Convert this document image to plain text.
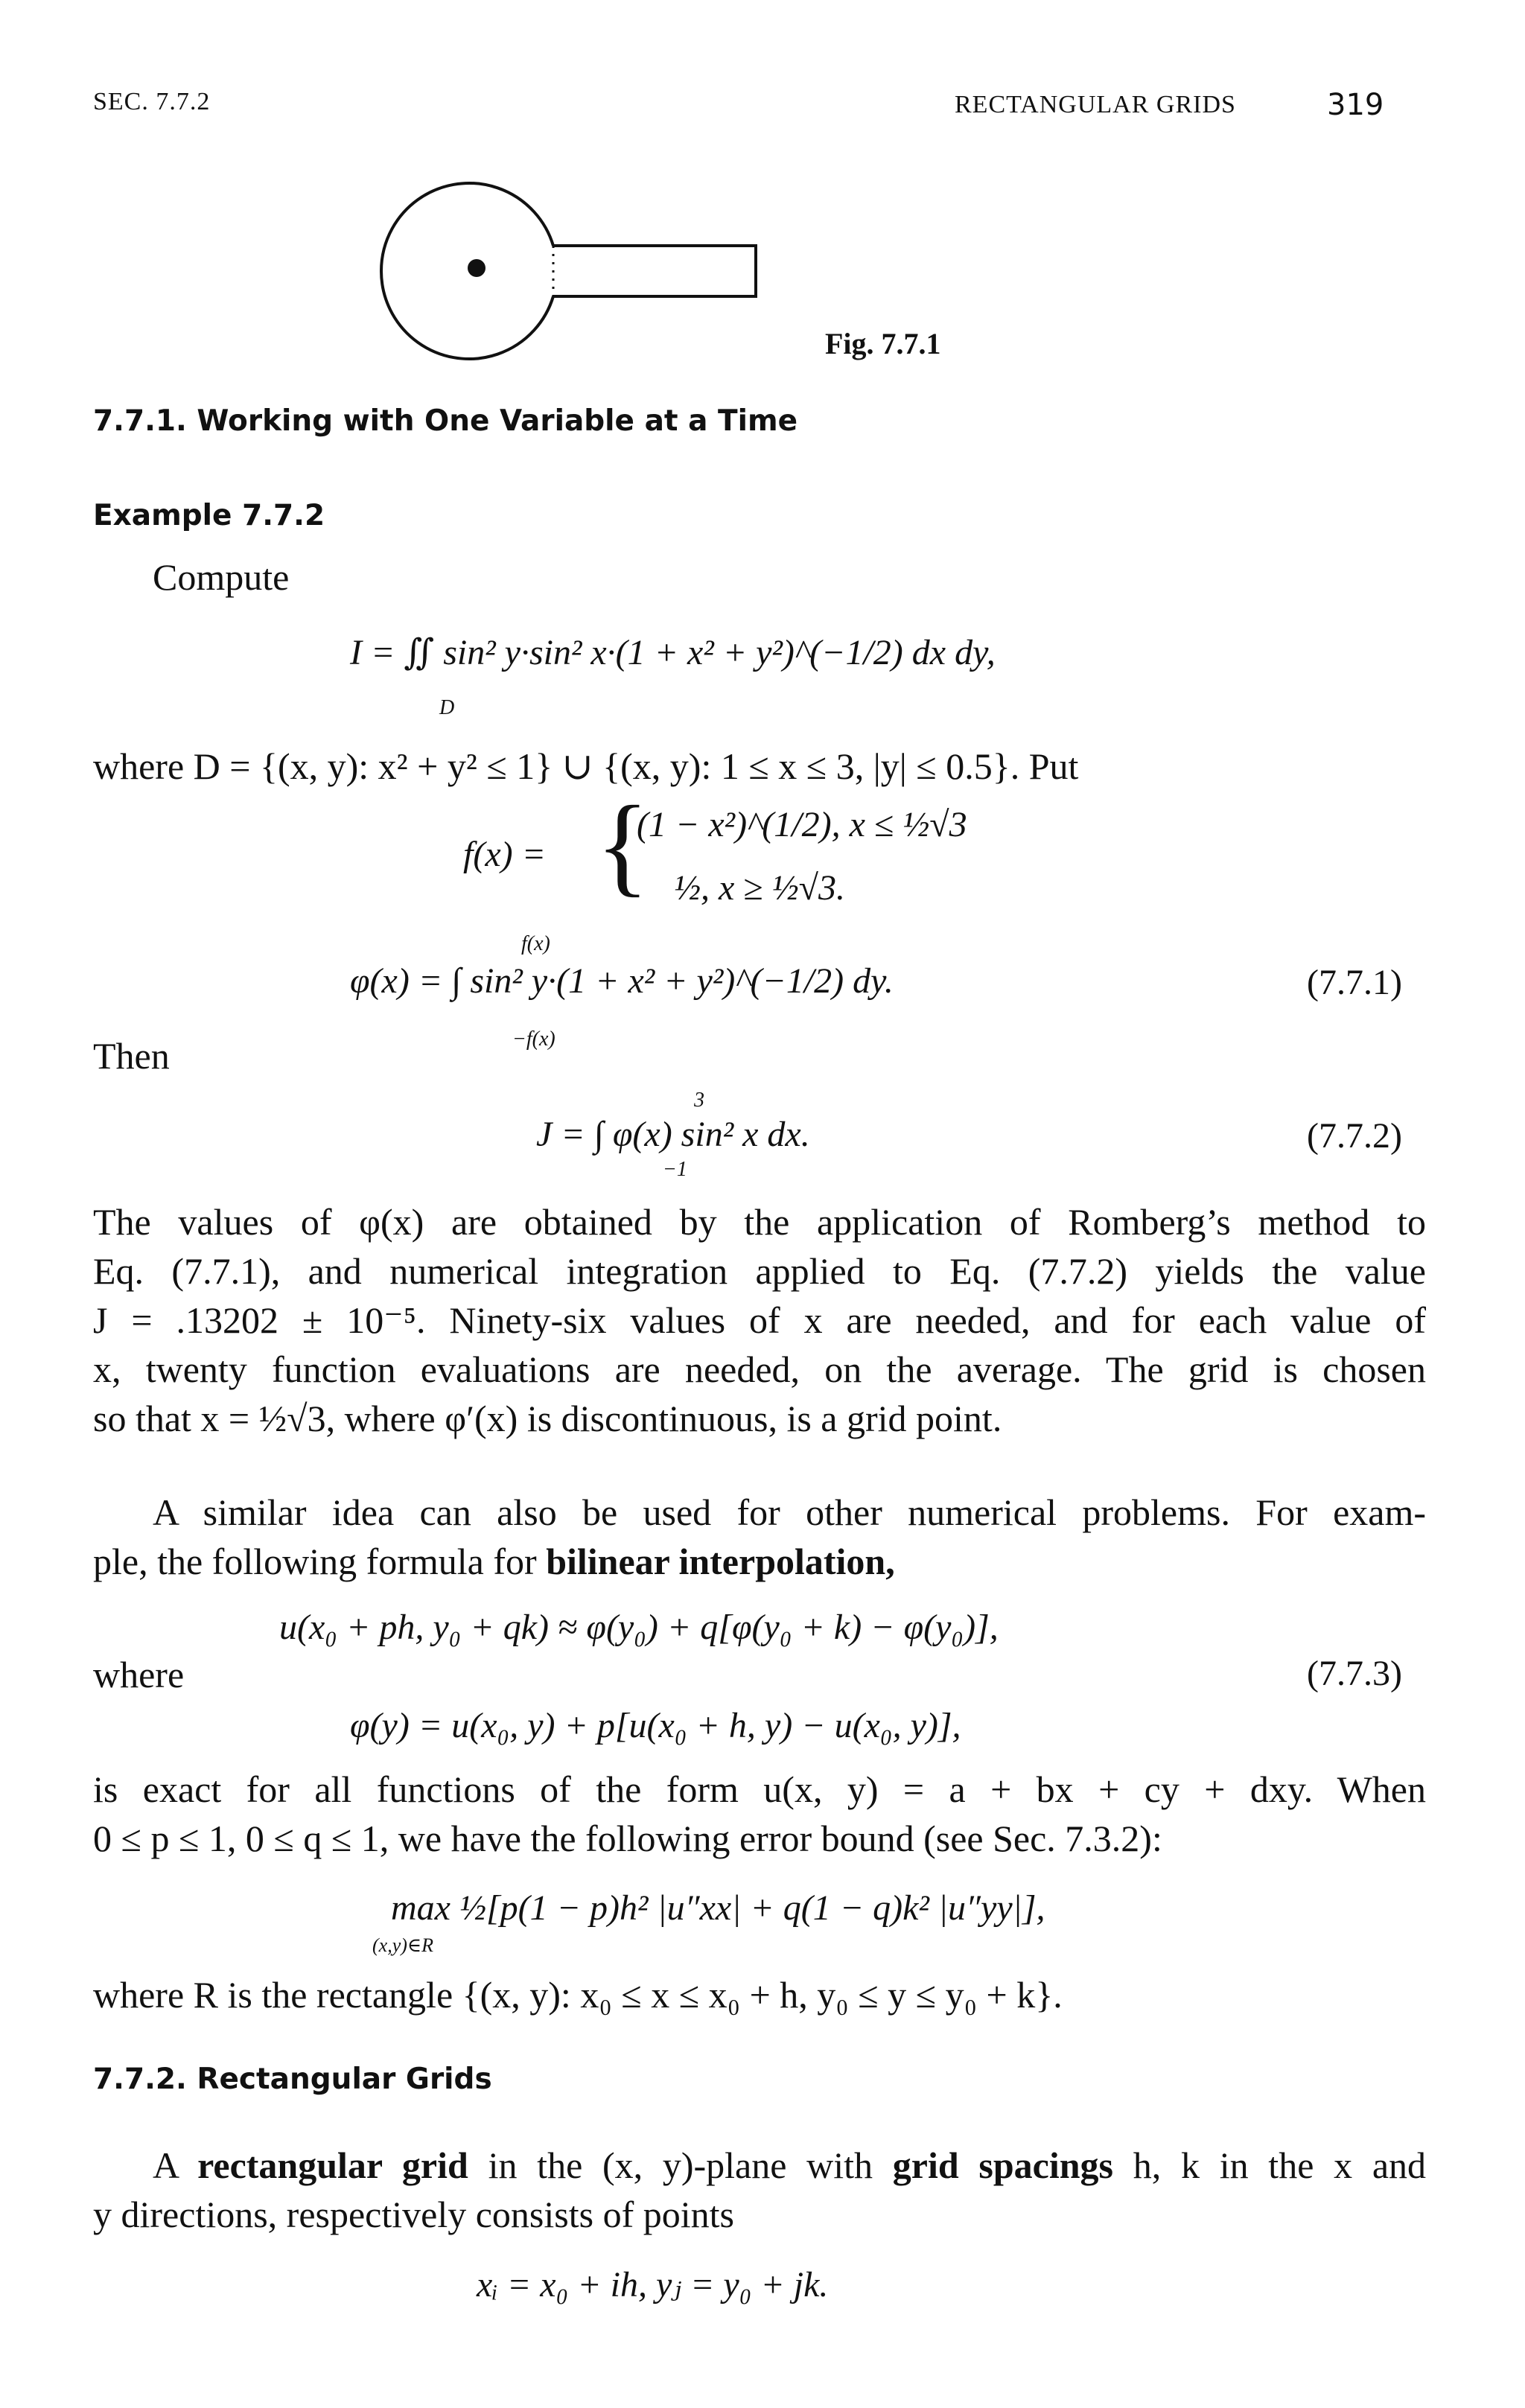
SEC. 7.7.2	RECTANGULAR GRIDS	319
Fig. 7.7.1
7.7.1. Working with One Variable at a Time
Example 7.7.2
Compute
I = ∬ sin² y·sin² x·(1 + x² + y²)^(−1/2) dx dy,
D
where D = {(x, y): x² + y² ≤ 1} ∪ {(x, y): 1 ≤ x ≤ 3, |y| ≤ 0.5}. Put
f(x) = {
(1 − x²)^(1/2), x ≤ ½√3
½, x ≥ ½√3.
φ(x) = ∫ sin² y·(1 + x² + y²)^(−1/2) dy.
f(x)
−f(x)
(7.7.1)
Then
J = ∫ φ(x) sin² x dx.
3
−1
(7.7.2)
The values of φ(x) are obtained by the application of Romberg’s method to
Eq. (7.7.1), and numerical integration applied to Eq. (7.7.2) yields the value
J = .13202 ± 10⁻⁵. Ninety-six values of x are needed, and for each value of
x, twenty function evaluations are needed, on the average. The grid is chosen
so that x = ½√3, where φ′(x) is discontinuous, is a grid point.
A similar idea can also be used for other numerical problems. For exam-
ple, the following formula for bilinear interpolation,
u(x₀ + ph, y₀ + qk) ≈ φ(y₀) + q[φ(y₀ + k) − φ(y₀)],
where	(7.7.3)
φ(y) = u(x₀, y) + p[u(x₀ + h, y) − u(x₀, y)],
is exact for all functions of the form u(x, y) = a + bx + cy + dxy. When
0 ≤ p ≤ 1, 0 ≤ q ≤ 1, we have the following error bound (see Sec. 7.3.2):
max ½[p(1 − p)h² |u″xx| + q(1 − q)k² |u″yy|],
(x,y)∈R
where R is the rectangle {(x, y): x₀ ≤ x ≤ x₀ + h, y₀ ≤ y ≤ y₀ + k}.
7.7.2. Rectangular Grids
A rectangular grid in the (x, y)-plane with grid spacings h, k in the x and
y directions, respectively consists of points
xᵢ = x₀ + ih, yⱼ = y₀ + jk.
